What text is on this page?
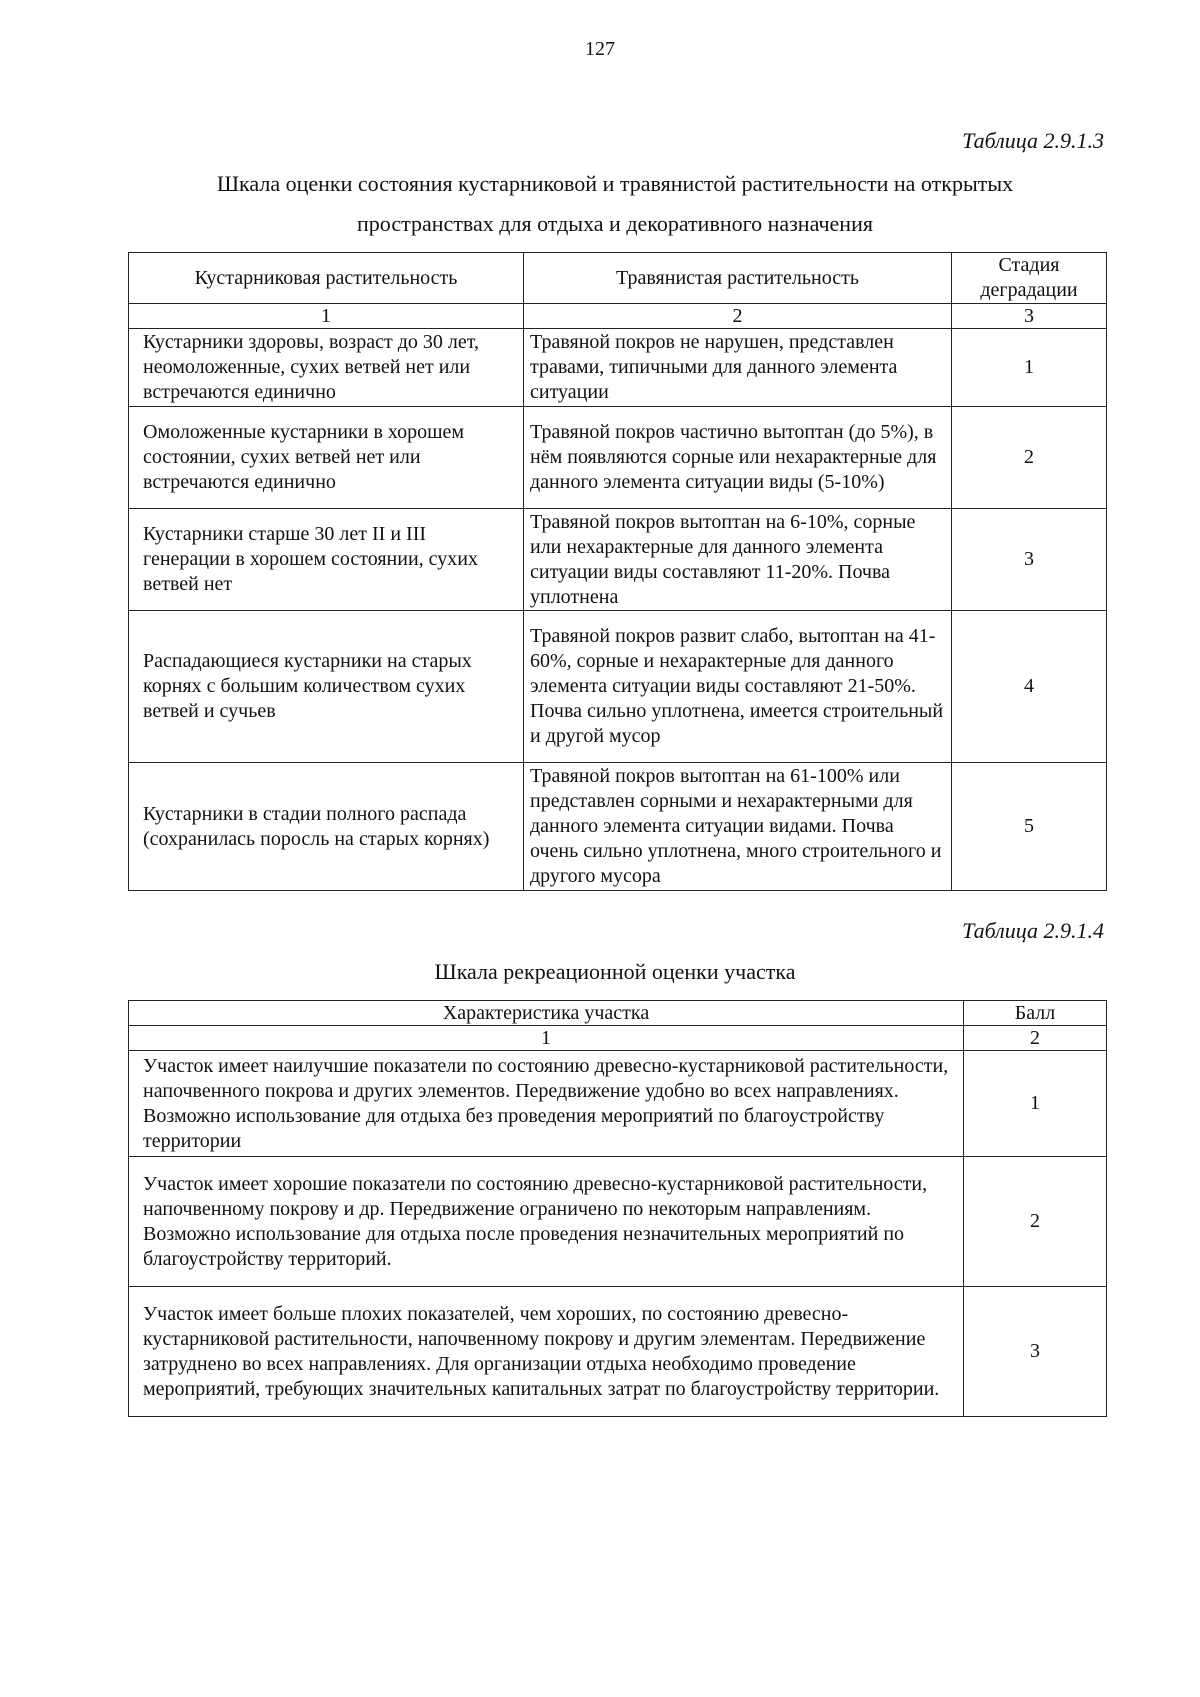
127
Таблица 2.9.1.3
Шкала оценки состояния кустарниковой и травянистой растительности на открытых
пространствах для отдыха и декоративного назначения
Кустарниковая растительность	Травянистая растительность	Стадия деградации
1	2	3
Кустарники здоровы, возраст до 30 лет, неомоложенные, сухих ветвей нет или встречаются единично	Травяной покров не нарушен, представлен травами, типичными для данного элемента ситуации	1
Омоложенные кустарники в хорошем состоянии, сухих ветвей нет или встречаются единично	Травяной покров частично вытоптан (до 5%), в нём появляются сорные или нехарактерные для данного элемента ситуации виды (5-10%)	2
Кустарники старше 30 лет II и III генерации в хорошем состоянии, сухих ветвей нет	Травяной покров вытоптан на 6-10%, сорные или нехарактерные для данного элемента ситуации виды составляют 11-20%. Почва уплотнена	3
Распадающиеся кустарники на старых корнях с большим количеством сухих ветвей и сучьев	Травяной покров развит слабо, вытоптан на 41-60%, сорные и нехарактерные для данного элемента ситуации виды составляют 21-50%. Почва сильно уплотнена, имеется строительный и другой мусор	4
Кустарники в стадии полного распада (сохранилась поросль на старых корнях)	Травяной покров вытоптан на 61-100% или представлен сорными и нехарактерными для данного элемента ситуации видами. Почва очень сильно уплотнена, много строительного и другого мусора	5
Таблица 2.9.1.4
Шкала рекреационной оценки участка
Характеристика участка	Балл
1	2
Участок имеет наилучшие показатели по состоянию древесно-кустарниковой растительности, напочвенного покрова и других элементов. Передвижение удобно во всех направлениях. Возможно использование для отдыха без проведения мероприятий по благоустройству территории	1
Участок имеет хорошие показатели по состоянию древесно-кустарниковой растительности, напочвенному покрову и др. Передвижение ограничено по некоторым направлениям. Возможно использование для отдыха после проведения незначительных мероприятий по благоустройству территорий.	2
Участок имеет больше плохих показателей, чем хороших, по состоянию древесно-кустарниковой растительности, напочвенному покрову и другим элементам. Передвижение затруднено во всех направлениях. Для организации отдыха необходимо проведение мероприятий, требующих значительных капитальных затрат по благоустройству территории.	3
